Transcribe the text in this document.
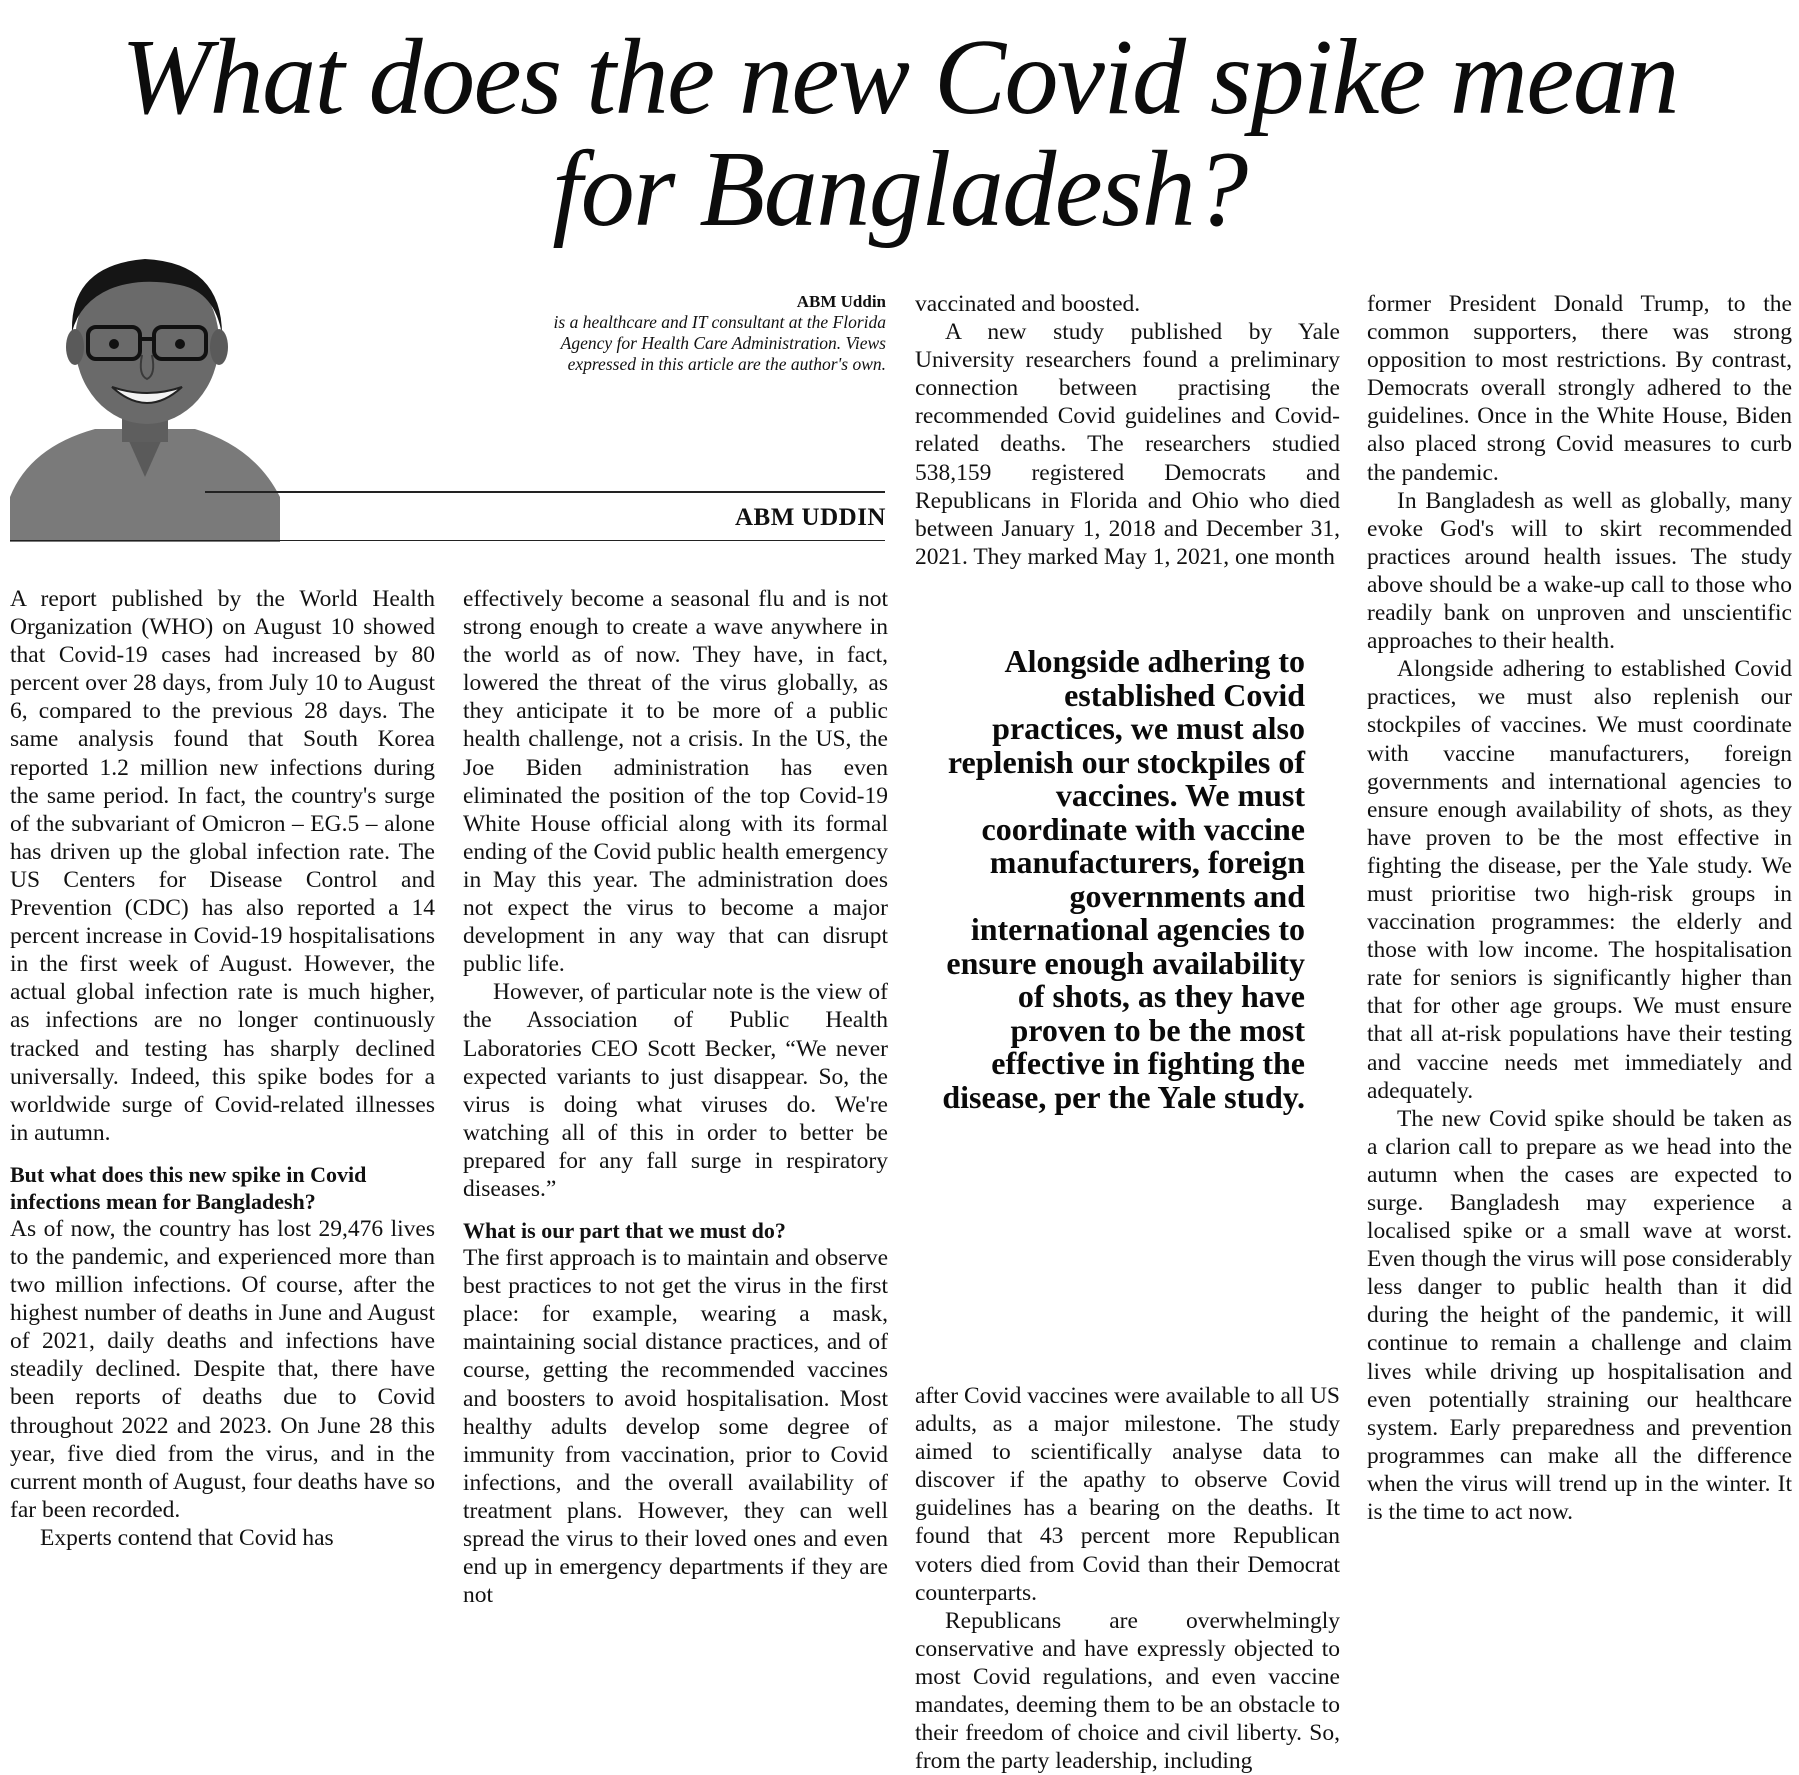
What does the new Covid spike mean
for Bangladesh?
ABM Uddin
is a healthcare and IT consultant at the Florida Agency for Health Care Administration. Views expressed in this article are the author's own.
ABM UDDIN

A report published by the World Health Organization (WHO) on August 10 showed that Covid-19 cases had increased by 80 percent over 28 days, from July 10 to August 6, compared to the previous 28 days. The same analysis found that South Korea reported 1.2 million new infections during the same period. In fact, the country's surge of the subvariant of Omicron – EG.5 – alone has driven up the global infection rate. The US Centers for Disease Control and Prevention (CDC) has also reported a 14 percent increase in Covid-19 hospitalisations in the first week of August. However, the actual global infection rate is much higher, as infections are no longer continuously tracked and testing has sharply declined universally. Indeed, this spike bodes for a worldwide surge of Covid-related illnesses in autumn.

But what does this new spike in Covid infections mean for Bangladesh?

As of now, the country has lost 29,476 lives to the pandemic, and experienced more than two million infections. Of course, after the highest number of deaths in June and August of 2021, daily deaths and infections have steadily declined. Despite that, there have been reports of deaths due to Covid throughout 2022 and 2023. On June 28 this year, five died from the virus, and in the current month of August, four deaths have so far been recorded.

Experts contend that Covid has

effectively become a seasonal flu and is not strong enough to create a wave anywhere in the world as of now. They have, in fact, lowered the threat of the virus globally, as they anticipate it to be more of a public health challenge, not a crisis. In the US, the Joe Biden administration has even eliminated the position of the top Covid-19 White House official along with its formal ending of the Covid public health emergency in May this year. The administration does not expect the virus to become a major development in any way that can disrupt public life.

However, of particular note is the view of the Association of Public Health Laboratories CEO Scott Becker, “We never expected variants to just disappear. So, the virus is doing what viruses do. We're watching all of this in order to better be prepared for any fall surge in respiratory diseases.”

What is our part that we must do?

The first approach is to maintain and observe best practices to not get the virus in the first place: for example, wearing a mask, maintaining social distance practices, and of course, getting the recommended vaccines and boosters to avoid hospitalisation. Most healthy adults develop some degree of immunity from vaccination, prior to Covid infections, and the overall availability of treatment plans. However, they can well spread the virus to their loved ones and even end up in emergency departments if they are not

vaccinated and boosted.

A new study published by Yale University researchers found a preliminary connection between practising the recommended Covid guidelines and Covid-related deaths. The researchers studied 538,159 registered Democrats and Republicans in Florida and Ohio who died between January 1, 2018 and December 31, 2021. They marked May 1, 2021, one month

Alongside adhering to established Covid practices, we must also replenish our stockpiles of vaccines. We must coordinate with vaccine manufacturers, foreign governments and international agencies to ensure enough availability of shots, as they have proven to be the most effective in fighting the disease, per the Yale study.

after Covid vaccines were available to all US adults, as a major milestone. The study aimed to scientifically analyse data to discover if the apathy to observe Covid guidelines has a bearing on the deaths. It found that 43 percent more Republican voters died from Covid than their Democrat counterparts.

Republicans are overwhelmingly conservative and have expressly objected to most Covid regulations, and even vaccine mandates, deeming them to be an obstacle to their freedom of choice and civil liberty. So, from the party leadership, including

former President Donald Trump, to the common supporters, there was strong opposition to most restrictions. By contrast, Democrats overall strongly adhered to the guidelines. Once in the White House, Biden also placed strong Covid measures to curb the pandemic.

In Bangladesh as well as globally, many evoke God's will to skirt recommended practices around health issues. The study above should be a wake-up call to those who readily bank on unproven and unscientific approaches to their health.

Alongside adhering to established Covid practices, we must also replenish our stockpiles of vaccines. We must coordinate with vaccine manufacturers, foreign governments and international agencies to ensure enough availability of shots, as they have proven to be the most effective in fighting the disease, per the Yale study. We must prioritise two high-risk groups in vaccination programmes: the elderly and those with low income. The hospitalisation rate for seniors is significantly higher than that for other age groups. We must ensure that all at-risk populations have their testing and vaccine needs met immediately and adequately.

The new Covid spike should be taken as a clarion call to prepare as we head into the autumn when the cases are expected to surge. Bangladesh may experience a localised spike or a small wave at worst. Even though the virus will pose considerably less danger to public health than it did during the height of the pandemic, it will continue to remain a challenge and claim lives while driving up hospitalisation and even potentially straining our healthcare system. Early preparedness and prevention programmes can make all the difference when the virus will trend up in the winter. It is the time to act now.
